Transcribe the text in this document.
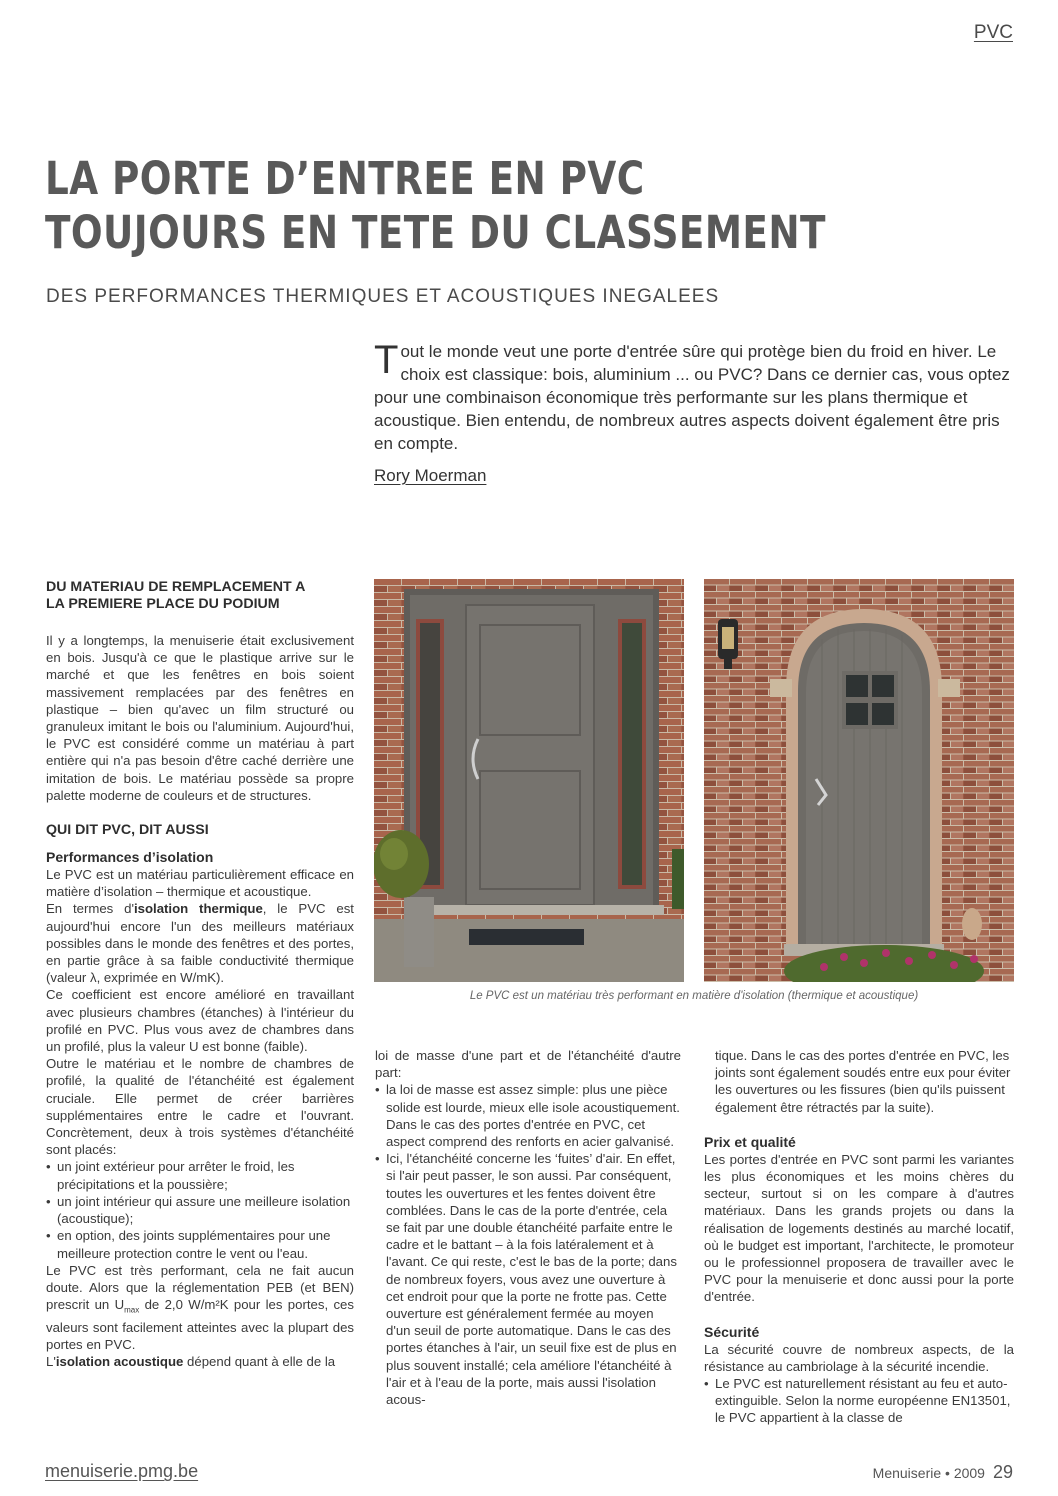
PVC
LA PORTE D’ENTREE EN PVC
TOUJOURS EN TETE DU CLASSEMENT
DES PERFORMANCES THERMIQUES ET ACOUSTIQUES INEGALEES

Tout le monde veut une porte d'entrée sûre qui protège bien du froid en hiver. Le choix est classique: bois, aluminium ... ou PVC? Dans ce dernier cas, vous optez pour une combinaison économique très performante sur les plans thermique et acoustique. Bien entendu, de nombreux autres aspects doivent également être pris en compte.

Rory Moerman
DU MATERIAU DE REMPLACEMENT A LA PREMIERE PLACE DU PODIUM

Il y a longtemps, la menuiserie était exclusivement en bois. Jusqu'à ce que le plastique arrive sur le marché et que les fenêtres en bois soient massivement remplacées par des fenêtres en plastique – bien qu'avec un film structuré ou granuleux imitant le bois ou l'aluminium. Aujourd'hui, le PVC est considéré comme un matériau à part entière qui n'a pas besoin d'être caché derrière une imitation de bois. Le matériau possède sa propre palette moderne de couleurs et de structures.

QUI DIT PVC, DIT AUSSI
Performances d’isolation

Le PVC est un matériau particulièrement efficace en matière d’isolation – thermique et acoustique.

En termes d'isolation thermique, le PVC est aujourd'hui encore l'un des meilleurs matériaux possibles dans le monde des fenêtres et des portes, en partie grâce à sa faible conductivité thermique (valeur λ, exprimée en W/mK).

Ce coefficient est encore amélioré en travaillant avec plusieurs chambres (étanches) à l'intérieur du profilé en PVC. Plus vous avez de chambres dans un profilé, plus la valeur U est bonne (faible).

Outre le matériau et le nombre de chambres de profilé, la qualité de l'étanchéité est également cruciale. Elle permet de créer barrières supplémentaires entre le cadre et l'ouvrant. Concrètement, deux à trois systèmes d'étanchéité sont placés:

• un joint extérieur pour arrêter le froid, les précipitations et la poussière;
• un joint intérieur qui assure une meilleure isolation (acoustique);
• en option, des joints supplémentaires pour une meilleure protection contre le vent ou l'eau.

Le PVC est très performant, cela ne fait aucun doute. Alors que la réglementation PEB (et BEN) prescrit un $U_{max}$ de 2,0 W/m²K pour les portes, ces valeurs sont facilement atteintes avec la plupart des portes en PVC.

L'isolation acoustique dépend quant à elle de la

Le PVC est un matériau très performant en matière d'isolation (thermique et acoustique)

loi de masse d'une part et de l'étanchéité d'autre part:

• la loi de masse est assez simple: plus une pièce solide est lourde, mieux elle isole acoustiquement. Dans le cas des portes d'entrée en PVC, cet aspect comprend des renforts en acier galvanisé.
• Ici, l'étanchéité concerne les ‘fuites’ d'air. En effet, si l'air peut passer, le son aussi. Par conséquent, toutes les ouvertures et les fentes doivent être comblées. Dans le cas de la porte d'entrée, cela se fait par une double étanchéité parfaite entre le cadre et le battant – à la fois latéralement et à l'avant. Ce qui reste, c'est le bas de la porte; dans de nombreux foyers, vous avez une ouverture à cet endroit pour que la porte ne frotte pas. Cette ouverture est généralement fermée au moyen d'un seuil de porte automatique. Dans le cas des portes étanches à l'air, un seuil fixe est de plus en plus souvent installé; cela améliore l'étanchéité à l'air et à l'eau de la porte, mais aussi l'isolation acous-

tique. Dans le cas des portes d'entrée en PVC, les joints sont également soudés entre eux pour éviter les ouvertures ou les fissures (bien qu'ils puissent également être rétractés par la suite).

Prix et qualité

Les portes d'entrée en PVC sont parmi les variantes les plus économiques et les moins chères du secteur, surtout si on les compare à d'autres matériaux. Dans les grands projets ou dans la réalisation de logements destinés au marché locatif, où le budget est important, l'architecte, le promoteur ou le professionnel proposera de travailler avec le PVC pour la menuiserie et donc aussi pour la porte d'entrée.

Sécurité

La sécurité couvre de nombreux aspects, de la résistance au cambriolage à la sécurité incendie.

• Le PVC est naturellement résistant au feu et auto-extinguible. Selon la norme européenne EN13501, le PVC appartient à la classe de
menuiserie.pmg.be	Menuiserie • 2009 29
